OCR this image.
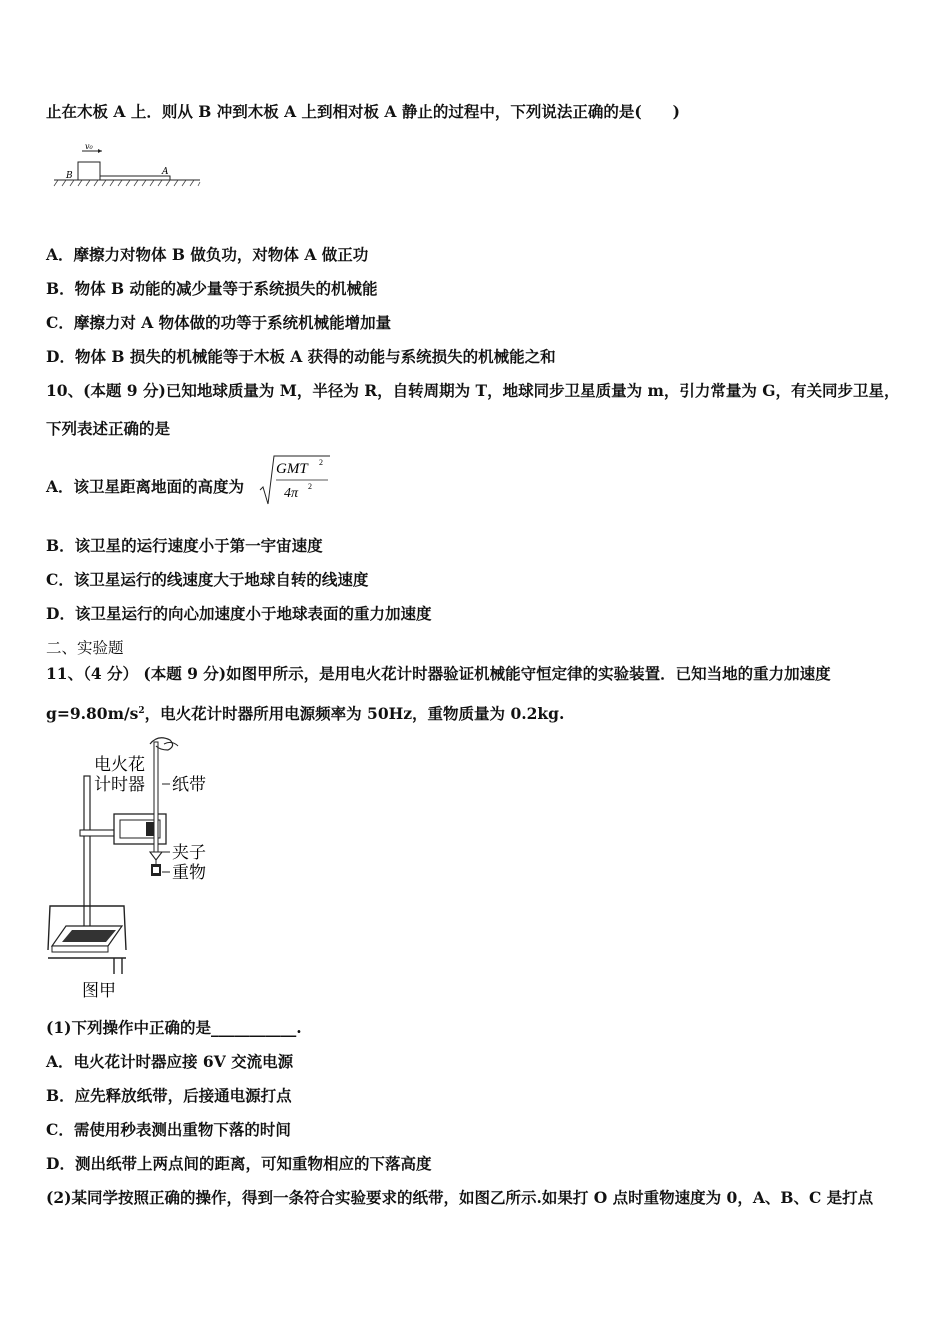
止在木板 A 上．则从 B 冲到木板 A 上到相对板 A 静止的过程中，下列说法正确的是(　　)
v₀
B	A
A．摩擦力对物体 B 做负功，对物体 A 做正功
B．物体 B 动能的减少量等于系统损失的机械能
C．摩擦力对 A 物体做的功等于系统机械能增加量
D．物体 B 损失的机械能等于木板 A 获得的动能与系统损失的机械能之和
10、(本题 9 分)已知地球质量为 M，半径为 R，自转周期为 T，地球同步卫星质量为 m，引力常量为 G，有关同步卫星，
下列表述正确的是
A．该卫星距离地面的高度为
GMT 2
4π 2
B．该卫星的运行速度小于第一宇宙速度
C．该卫星运行的线速度大于地球自转的线速度
D．该卫星运行的向心加速度小于地球表面的重力加速度
二、实验题
11、（4 分） (本题 9 分)如图甲所示，是用电火花计时器验证机械能守恒定律的实验装置．已知当地的重力加速度
$g=9.80m/s^2$，电火花计时器所用电源频率为 50Hz，重物质量为 0.2kg.
电火花
计时器 纸带
夹子
重物
图甲
(1)下列操作中正确的是___________.
A．电火花计时器应接 6V 交流电源
B．应先释放纸带，后接通电源打点
C．需使用秒表测出重物下落的时间
D．测出纸带上两点间的距离，可知重物相应的下落高度
(2)某同学按照正确的操作，得到一条符合实验要求的纸带，如图乙所示.如果打 O 点时重物速度为 0，A、B、C 是打点
